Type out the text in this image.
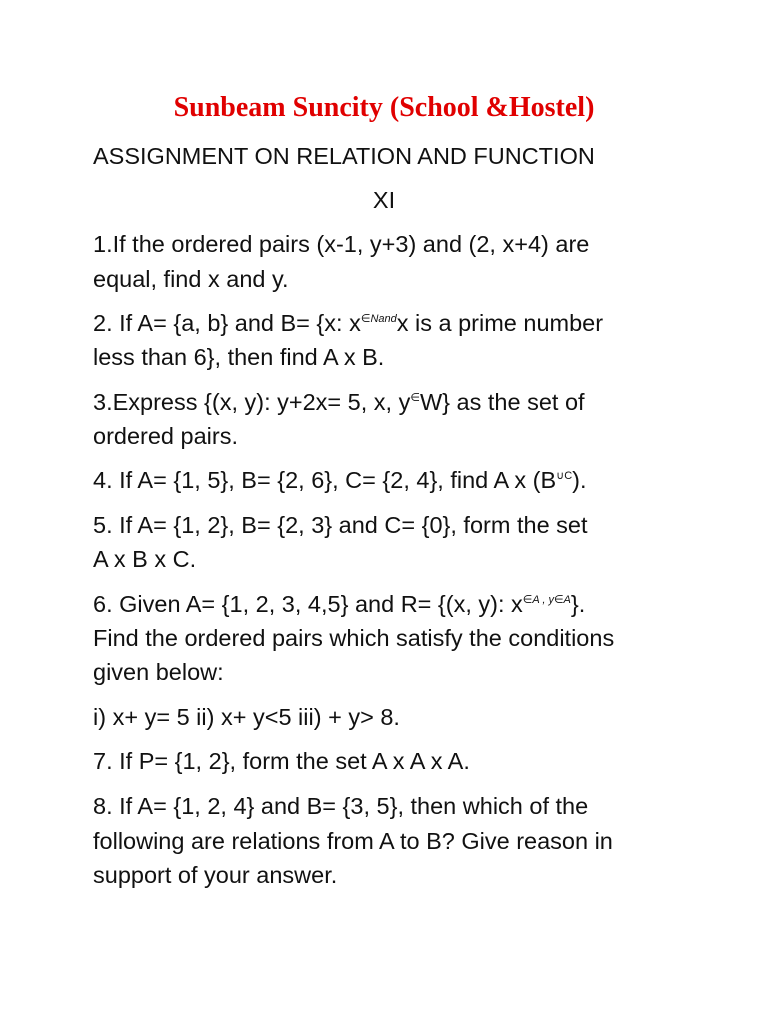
Sunbeam Suncity (School &Hostel)
ASSIGNMENT ON RELATION AND FUNCTION
XI
1.If the ordered pairs (x-1, y+3) and (2, x+4) are
equal, find x and y.
2. If A= {a, b} and B= {x: $x^{\in Nand}x$ is a prime number
less than 6}, then find A x B.
3.Express {(x, y): y+2x= 5, x, y∈W} as the set of
ordered pairs.
4. If A= {1, 5}, B= {2, 6}, C= {2, 4}, find A x $(B^{\cup C})$.
5. If A= {1, 2}, B= {2, 3} and C= {0}, form the set
A x B x C.
6. Given A= {1, 2, 3, 4,5} and R= {(x, y): $x^{\in A , y\in A}$}.
Find the ordered pairs which satisfy the conditions
given below:
i) x+ y= 5 ii) x+ y<5 iii) + y> 8.
7. If P= {1, 2}, form the set A x A x A.
8. If A= {1, 2, 4} and B= {3, 5}, then which of the
following are relations from A to B? Give reason in
support of your answer.
